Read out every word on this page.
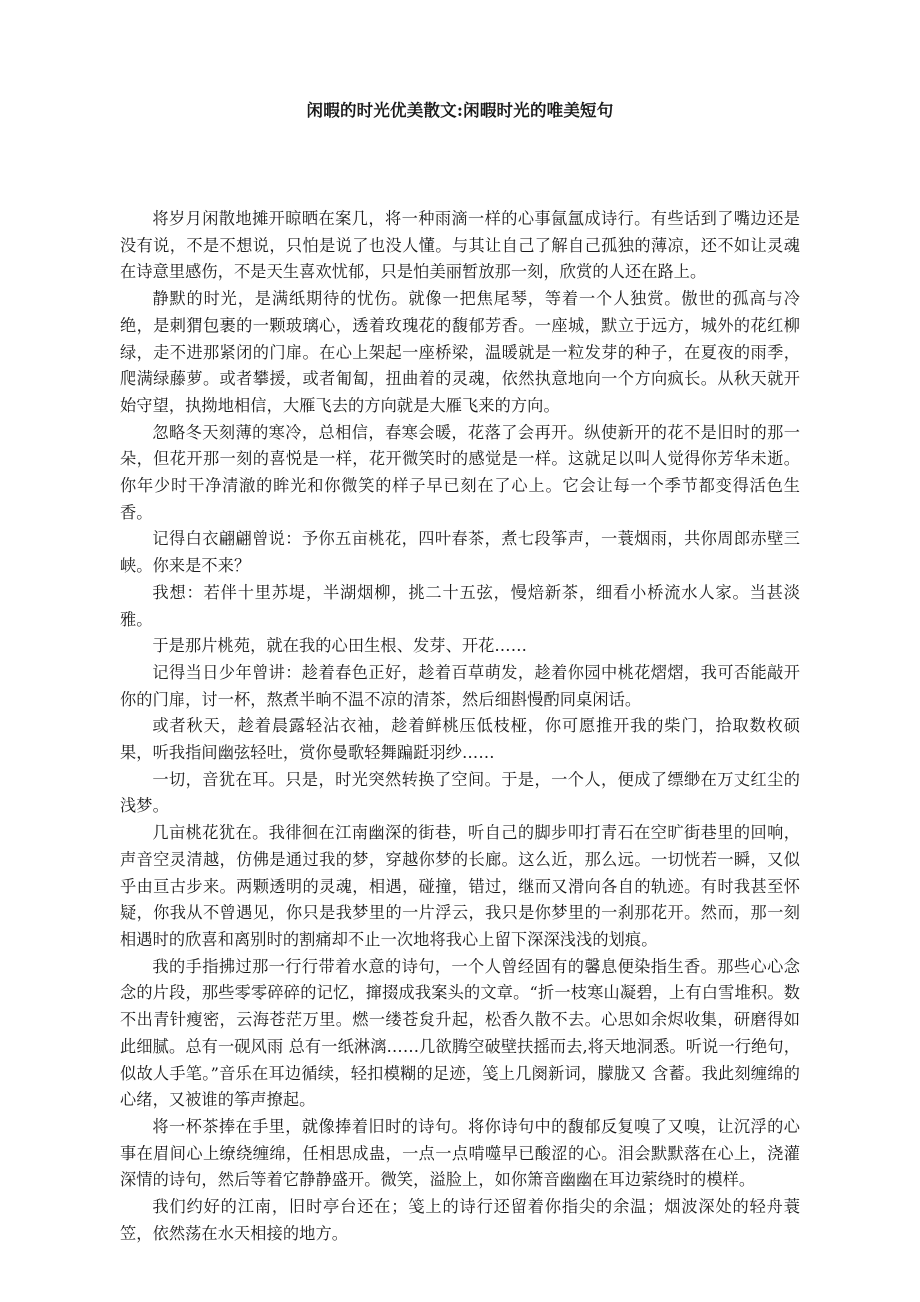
闲暇的时光优美散文:闲暇时光的唯美短句

将岁月闲散地摊开晾晒在案几，将一种雨滴一样的心事氤氲成诗行。有些话到了嘴边还是没有说，不是不想说，只怕是说了也没人懂。与其让自己了解自己孤独的薄凉，还不如让灵魂在诗意里感伤，不是天生喜欢忧郁，只是怕美丽暂放那一刻，欣赏的人还在路上。

静默的时光，是满纸期待的忧伤。就像一把焦尾琴，等着一个人独赏。傲世的孤高与冷绝，是刺猬包裹的一颗玻璃心，透着玫瑰花的馥郁芳香。一座城，默立于远方，城外的花红柳绿，走不进那紧闭的门扉。在心上架起一座桥梁，温暖就是一粒发芽的种子，在夏夜的雨季，爬满绿藤萝。或者攀援，或者匍匐，扭曲着的灵魂，依然执意地向一个方向疯长。从秋天就开始守望，执拗地相信，大雁飞去的方向就是大雁飞来的方向。

忽略冬天刻薄的寒冷，总相信，春寒会暖，花落了会再开。纵使新开的花不是旧时的那一朵，但花开那一刻的喜悦是一样，花开微笑时的感觉是一样。这就足以叫人觉得你芳华未逝。你年少时干净清澈的眸光和你微笑的样子早已刻在了心上。它会让每一个季节都变得活色生香。

记得白衣翩翩曾说：予你五亩桃花，四叶春茶，煮七段筝声，一蓑烟雨，共你周郎赤壁三峡。你来是不来？

我想：若伴十里苏堤，半湖烟柳，挑二十五弦，慢焙新茶，细看小桥流水人家。当甚淡雅。

于是那片桃苑，就在我的心田生根、发芽、开花……

记得当日少年曾讲：趁着春色正好，趁着百草萌发，趁着你园中桃花熠熠，我可否能敲开你的门扉，讨一杯，熬煮半晌不温不凉的清茶，然后细斟慢酌同桌闲话。

或者秋天，趁着晨露轻沾衣袖，趁着鲜桃压低枝桠，你可愿推开我的柴门，拾取数枚硕果，听我指间幽弦轻吐，赏你曼歌轻舞蹁跹羽纱……

一切，音犹在耳。只是，时光突然转换了空间。于是，一个人，便成了缥缈在万丈红尘的浅梦。

几亩桃花犹在。我徘徊在江南幽深的街巷，听自己的脚步叩打青石在空旷街巷里的回响，声音空灵清越，仿佛是通过我的梦，穿越你梦的长廊。这么近，那么远。一切恍若一瞬，又似乎由亘古步来。两颗透明的灵魂，相遇，碰撞，错过，继而又滑向各自的轨迹。有时我甚至怀疑，你我从不曾遇见，你只是我梦里的一片浮云，我只是你梦里的一刹那花开。然而，那一刻相遇时的欣喜和离别时的割痛却不止一次地将我心上留下深深浅浅的划痕。

我的手指拂过那一行行带着水意的诗句，一个人曾经固有的馨息便染指生香。那些心心念念的片段，那些零零碎碎的记忆，撺掇成我案头的文章。“折一枝寒山凝碧，上有白雪堆积。数不出青针瘦密，云海苍茫万里。燃一缕苍炱升起，松香久散不去。心思如余烬收集，研磨得如此细腻。总有一砚风雨 总有一纸淋漓……几欲腾空破壁扶摇而去,将天地洞悉。听说一行绝句，似故人手笔。”音乐在耳边循续，轻扣模糊的足迹，笺上几阕新词，朦胧又 含蓄。我此刻缠绵的心绪，又被谁的筝声撩起。

将一杯茶捧在手里，就像捧着旧时的诗句。将你诗句中的馥郁反复嗅了又嗅，让沉浮的心事在眉间心上缭绕缠绵，任相思成蛊，一点一点啃噬早已酸涩的心。泪会默默落在心上，浇灌深情的诗句，然后等着它静静盛开。微笑，溢脸上，如你箫音幽幽在耳边萦绕时的模样。

我们约好的江南，旧时亭台还在；笺上的诗行还留着你指尖的余温；烟波深处的轻舟蓑笠，依然荡在水天相接的地方。
